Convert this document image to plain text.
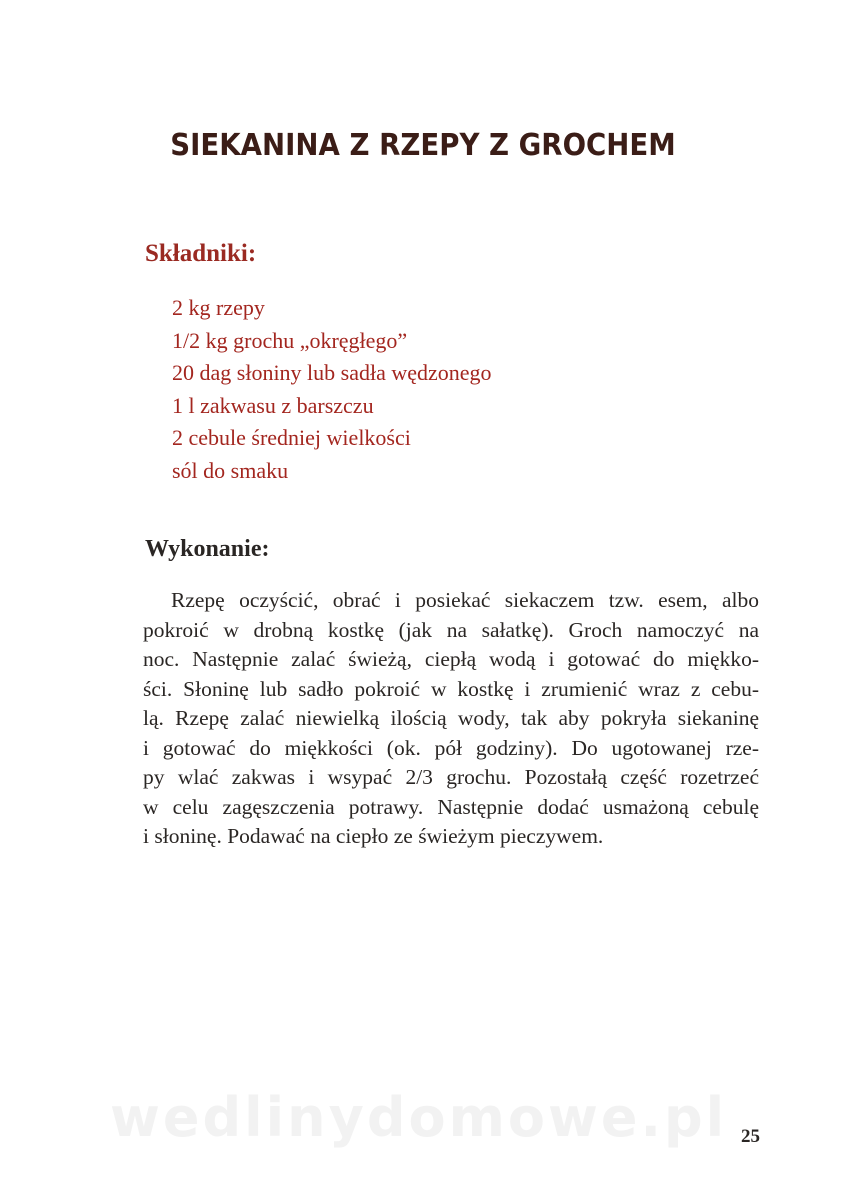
SIEKANINA Z RZEPY Z GROCHEM
Składniki:
2 kg rzepy
1/2 kg grochu „okręgłego”
20 dag słoniny lub sadła wędzonego
1 l zakwasu z barszczu
2 cebule średniej wielkości
sól do smaku
Wykonanie:

Rzepę oczyścić, obrać i posiekać siekaczem tzw. esem, albo
pokroić w drobną kostkę (jak na sałatkę). Groch namoczyć na
noc. Następnie zalać świeżą, ciepłą wodą i gotować do miękko-
ści. Słoninę lub sadło pokroić w kostkę i zrumienić wraz z cebu-
lą. Rzepę zalać niewielką ilością wody, tak aby pokryła siekaninę
i gotować do miękkości (ok. pół godziny). Do ugotowanej rze-
py wlać zakwas i wsypać 2/3 grochu. Pozostałą część rozetrzeć
w celu zagęszczenia potrawy. Następnie dodać usmażoną cebulę
i słoninę. Podawać na ciepło ze świeżym pieczywem.

wedlinydomowe.pl 25
